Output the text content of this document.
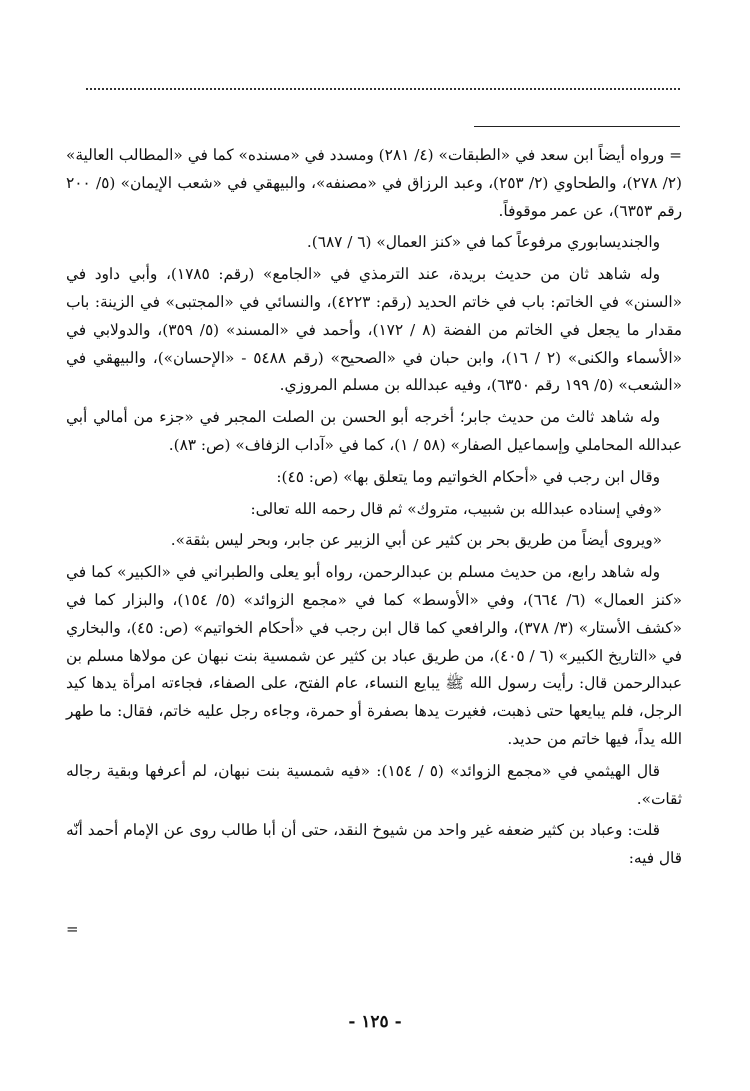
= ورواه أيضاً ابن سعد في «الطبقات» (٤/ ٢٨١) ومسدد في «مسنده» كما في «المطالب العالية» (٢/ ٢٧٨)، والطحاوي (٢/ ٢٥٣)، وعبد الرزاق في «مصنفه»، والبيهقي في «شعب الإيمان» (٥/ ٢٠٠ رقم ٦٣٥٣)، عن عمر موقوفاً.

والجنديسابوري مرفوعاً كما في «كنز العمال» (٦ / ٦٨٧).

وله شاهد ثان من حديث بريدة، عند الترمذي في «الجامع» (رقم: ١٧٨٥)، وأبي داود في «السنن» في الخاتم: باب في خاتم الحديد (رقم: ٤٢٢٣)، والنسائي في «المجتبى» في الزينة: باب مقدار ما يجعل في الخاتم من الفضة (٨ / ١٧٢)، وأحمد في «المسند» (٥/ ٣٥٩)، والدولابي في «الأسماء والكنى» (٢ / ١٦)، وابن حبان في «الصحيح» (رقم ٥٤٨٨ - «الإحسان»)، والبيهقي في «الشعب» (٥/ ١٩٩ رقم ٦٣٥٠)، وفيه عبدالله بن مسلم المروزي.

وله شاهد ثالث من حديث جابر؛ أخرجه أبو الحسن بن الصلت المجبر في «جزء من أمالي أبي عبدالله المحاملي وإسماعيل الصفار» (٥٨ / ١)، كما في «آداب الزفاف» (ص: ٨٣).

وقال ابن رجب في «أحكام الخواتيم وما يتعلق بها» (ص: ٤٥):

«وفي إسناده عبدالله بن شبيب، متروك» ثم قال رحمه الله تعالى:

«ويروى أيضاً من طريق بحر بن كثير عن أبي الزبير عن جابر، وبحر ليس بثقة».

وله شاهد رابع، من حديث مسلم بن عبدالرحمن، رواه أبو يعلى والطبراني في «الكبير» كما في «كنز العمال» (٦/ ٦٦٤)، وفي «الأوسط» كما في «مجمع الزوائد» (٥/ ١٥٤)، والبزار كما في «كشف الأستار» (٣/ ٣٧٨)، والرافعي كما قال ابن رجب في «أحكام الخواتيم» (ص: ٤٥)، والبخاري في «التاريخ الكبير» (٦ / ٤٠٥)، من طريق عباد بن كثير عن شمسية بنت نبهان عن مولاها مسلم بن عبدالرحمن قال: رأيت رسول الله ﷺ يبايع النساء، عام الفتح، على الصفاء، فجاءته امرأة يدها كيد الرجل، فلم يبايعها حتى ذهبت، فغيرت يدها بصفرة أو حمرة، وجاءه رجل عليه خاتم، فقال: ما طهر الله يداً، فيها خاتم من حديد.

قال الهيثمي في «مجمع الزوائد» (٥ / ١٥٤): «فيه شمسية بنت نبهان، لم أعرفها وبقية رجاله ثقات».

قلت: وعباد بن كثير ضعفه غير واحد من شيوخ النقد، حتى أن أبا طالب روى عن الإمام أحمد أنّه قال فيه:

=
- ١٢٥ -
